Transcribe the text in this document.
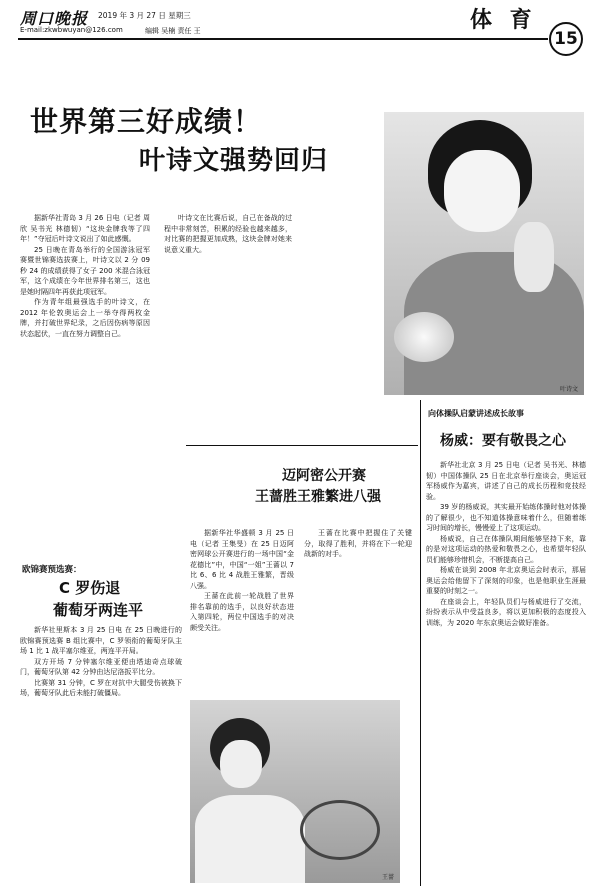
周口晚报 2019 年 3 月 27 日 星期三
E-mail:zkwbwuyan@126.com	编辑 吴楠 责任 王	体 育
15
世界第三好成绩！
叶诗文强势回归
叶诗文

据新华社青岛 3 月 26 日电（记者 周欣 吴书光 林德韧）“这块金牌我等了四年！”夺冠后叶诗文说出了如此感慨。

25 日晚在青岛举行的全国游泳冠军赛暨世锦赛选拔赛上，叶诗文以 2 分 09 秒 24 的成绩获得了女子 200 米混合泳冠军，这个成绩在今年世界排名第三，这也是她时隔四年再获此项冠军。

作为青年组最强选手的叶诗文，在 2012 年伦敦奥运会上一举夺得两枚金牌，并打破世界纪录，之后因伤病等原因状态起伏，一直在努力调整自己。

叶诗文在比赛后说，自己在备战的过程中非常刻苦，积累的经验也越来越多，对比赛的把握更加成熟，这块金牌对她来说意义重大。

迈阿密公开赛
王蔷胜王雅繁进八强

据新华社华盛顿 3 月 25 日电（记者 王集旻）在 25 日迈阿密网球公开赛进行的一场中国“金花德比”中，中国“一姐”王蔷以 7 比 6、6 比 4 战胜王雅繁，晋级八强。

王蔷在此前一轮战胜了世界排名靠前的选手，以良好状态进入第四轮，两位中国选手的对决颇受关注。

王蔷在比赛中把握住了关键分，取得了胜利，并将在下一轮迎战新的对手。

王蔷
欧锦赛预选赛：
C 罗伤退
葡萄牙两连平

新华社里斯本 3 月 25 日电 在 25 日晚进行的欧锦赛预选赛 B 组比赛中，C 罗领衔的葡萄牙队主场 1 比 1 战平塞尔维亚，两连平开局。

双方开场 7 分钟塞尔维亚便由塔迪奇点球破门，葡萄牙队第 42 分钟由达尼洛扳平比分。

比赛第 31 分钟，C 罗在对抗中大腿受伤被换下场，葡萄牙队此后未能打破僵局。

向体操队启蒙讲述成长故事
杨威：要有敬畏之心

新华社北京 3 月 25 日电（记者 吴书光、林德韧）中国体操队 25 日在北京举行座谈会，奥运冠军杨威作为嘉宾，讲述了自己的成长历程和竞技经验。

39 岁的杨威说，其实最开始练体操时他对体操的了解很少，也不知道体操意味着什么，但随着练习时间的增长，慢慢爱上了这项运动。

杨威说，自己在体操队期间能够坚持下来，靠的是对这项运动的热爱和敬畏之心，也希望年轻队员们能够珍惜机会，不断提高自己。

杨威在谈到 2008 年北京奥运会时表示，那届奥运会给他留下了深刻的印象，也是他职业生涯最重要的时刻之一。

在座谈会上，年轻队员们与杨威进行了交流，纷纷表示从中受益良多，将以更加积极的态度投入训练，为 2020 年东京奥运会做好准备。
